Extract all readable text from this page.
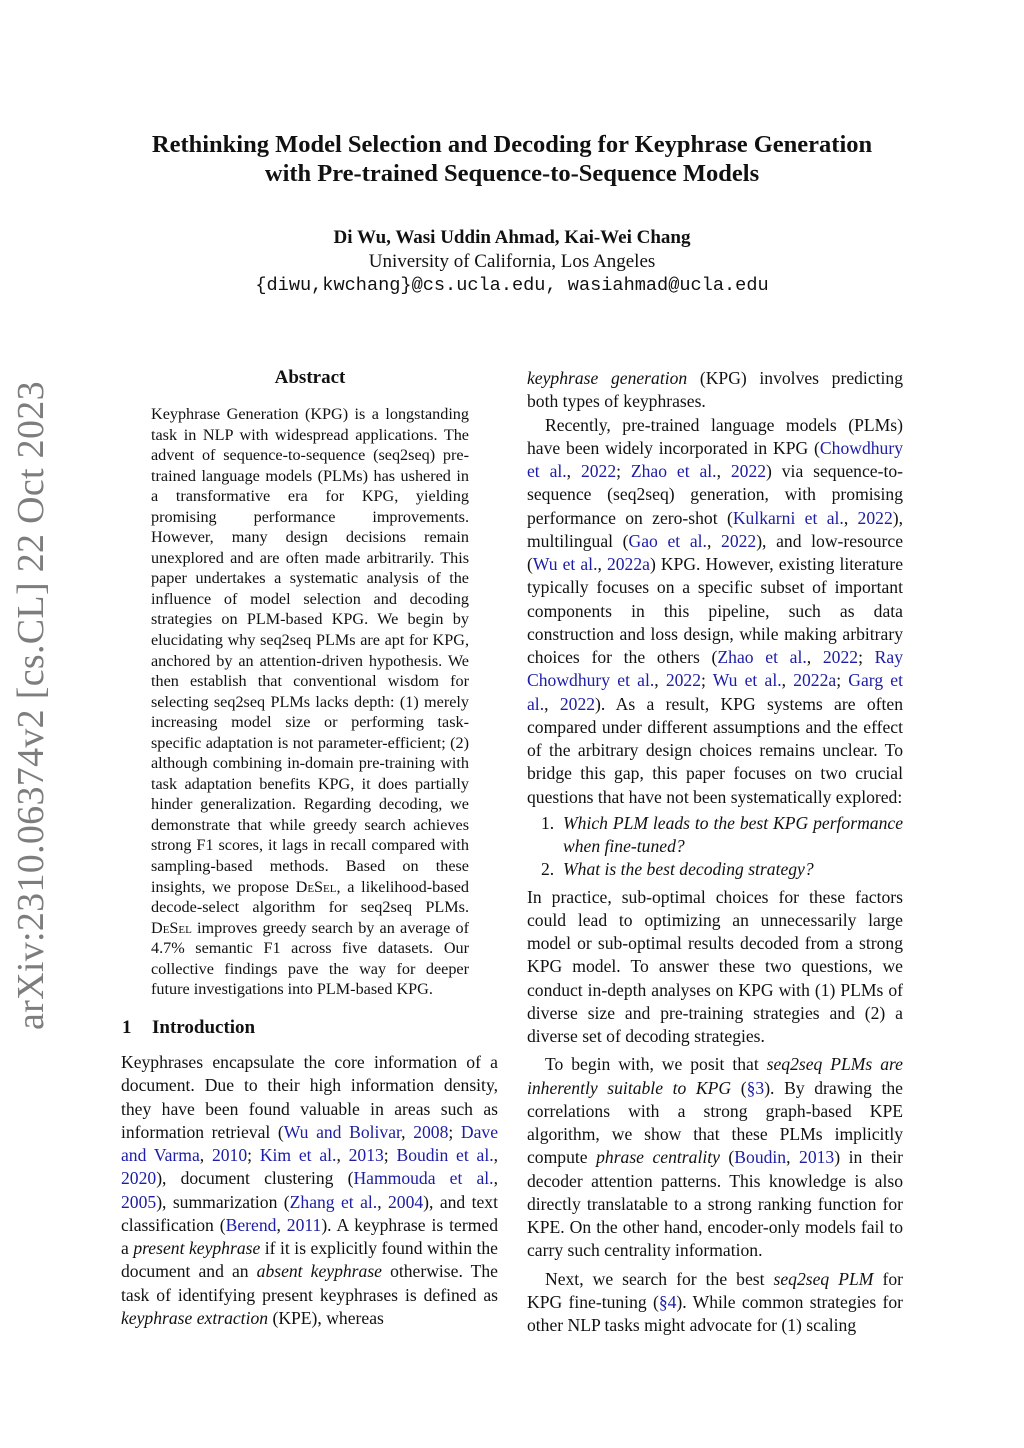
arXiv:2310.06374v2 [cs.CL] 22 Oct 2023
Rethinking Model Selection and Decoding for Keyphrase Generation
with Pre-trained Sequence-to-Sequence Models
Di Wu, Wasi Uddin Ahmad, Kai-Wei Chang
University of California, Los Angeles
{diwu,kwchang}@cs.ucla.edu, wasiahmad@ucla.edu
Abstract
Keyphrase Generation (KPG) is a longstanding task in NLP with widespread applications. The advent of sequence-to-sequence (seq2seq) pre-trained language models (PLMs) has ushered in a transformative era for KPG, yielding promising performance improvements. However, many design decisions remain unexplored and are often made arbitrarily. This paper undertakes a systematic analysis of the influence of model selection and decoding strategies on PLM-based KPG. We begin by elucidating why seq2seq PLMs are apt for KPG, anchored by an attention-driven hypothesis. We then establish that conventional wisdom for selecting seq2seq PLMs lacks depth: (1) merely increasing model size or performing task-specific adaptation is not parameter-efficient; (2) although combining in-domain pre-training with task adaptation benefits KPG, it does partially hinder generalization. Regarding decoding, we demonstrate that while greedy search achieves strong F1 scores, it lags in recall compared with sampling-based methods. Based on these insights, we propose DeSel, a likelihood-based decode-select algorithm for seq2seq PLMs. DeSel improves greedy search by an average of 4.7% semantic F1 across five datasets. Our collective findings pave the way for deeper future investigations into PLM-based KPG.
1 Introduction

Keyphrases encapsulate the core information of a document. Due to their high information density, they have been found valuable in areas such as information retrieval (Wu and Bolivar, 2008; Dave and Varma, 2010; Kim et al., 2013; Boudin et al., 2020), document clustering (Hammouda et al., 2005), summarization (Zhang et al., 2004), and text classification (Berend, 2011). A keyphrase is termed a present keyphrase if it is explicitly found within the document and an absent keyphrase otherwise. The task of identifying present keyphrases is defined as keyphrase extraction (KPE), whereas

keyphrase generation (KPG) involves predicting both types of keyphrases.

Recently, pre-trained language models (PLMs) have been widely incorporated in KPG (Chowdhury et al., 2022; Zhao et al., 2022) via sequence-to-sequence (seq2seq) generation, with promising performance on zero-shot (Kulkarni et al., 2022), multilingual (Gao et al., 2022), and low-resource (Wu et al., 2022a) KPG. However, existing literature typically focuses on a specific subset of important components in this pipeline, such as data construction and loss design, while making arbitrary choices for the others (Zhao et al., 2022; Ray Chowdhury et al., 2022; Wu et al., 2022a; Garg et al., 2022). As a result, KPG systems are often compared under different assumptions and the effect of the arbitrary design choices remains unclear. To bridge this gap, this paper focuses on two crucial questions that have not been systematically explored:

1. Which PLM leads to the best KPG performance when fine-tuned?
2. What is the best decoding strategy?

In practice, sub-optimal choices for these factors could lead to optimizing an unnecessarily large model or sub-optimal results decoded from a strong KPG model. To answer these two questions, we conduct in-depth analyses on KPG with (1) PLMs of diverse size and pre-training strategies and (2) a diverse set of decoding strategies.

To begin with, we posit that seq2seq PLMs are inherently suitable to KPG (§3). By drawing the correlations with a strong graph-based KPE algorithm, we show that these PLMs implicitly compute phrase centrality (Boudin, 2013) in their decoder attention patterns. This knowledge is also directly translatable to a strong ranking function for KPE. On the other hand, encoder-only models fail to carry such centrality information.

Next, we search for the best seq2seq PLM for KPG fine-tuning (§4). While common strategies for other NLP tasks might advocate for (1) scaling
